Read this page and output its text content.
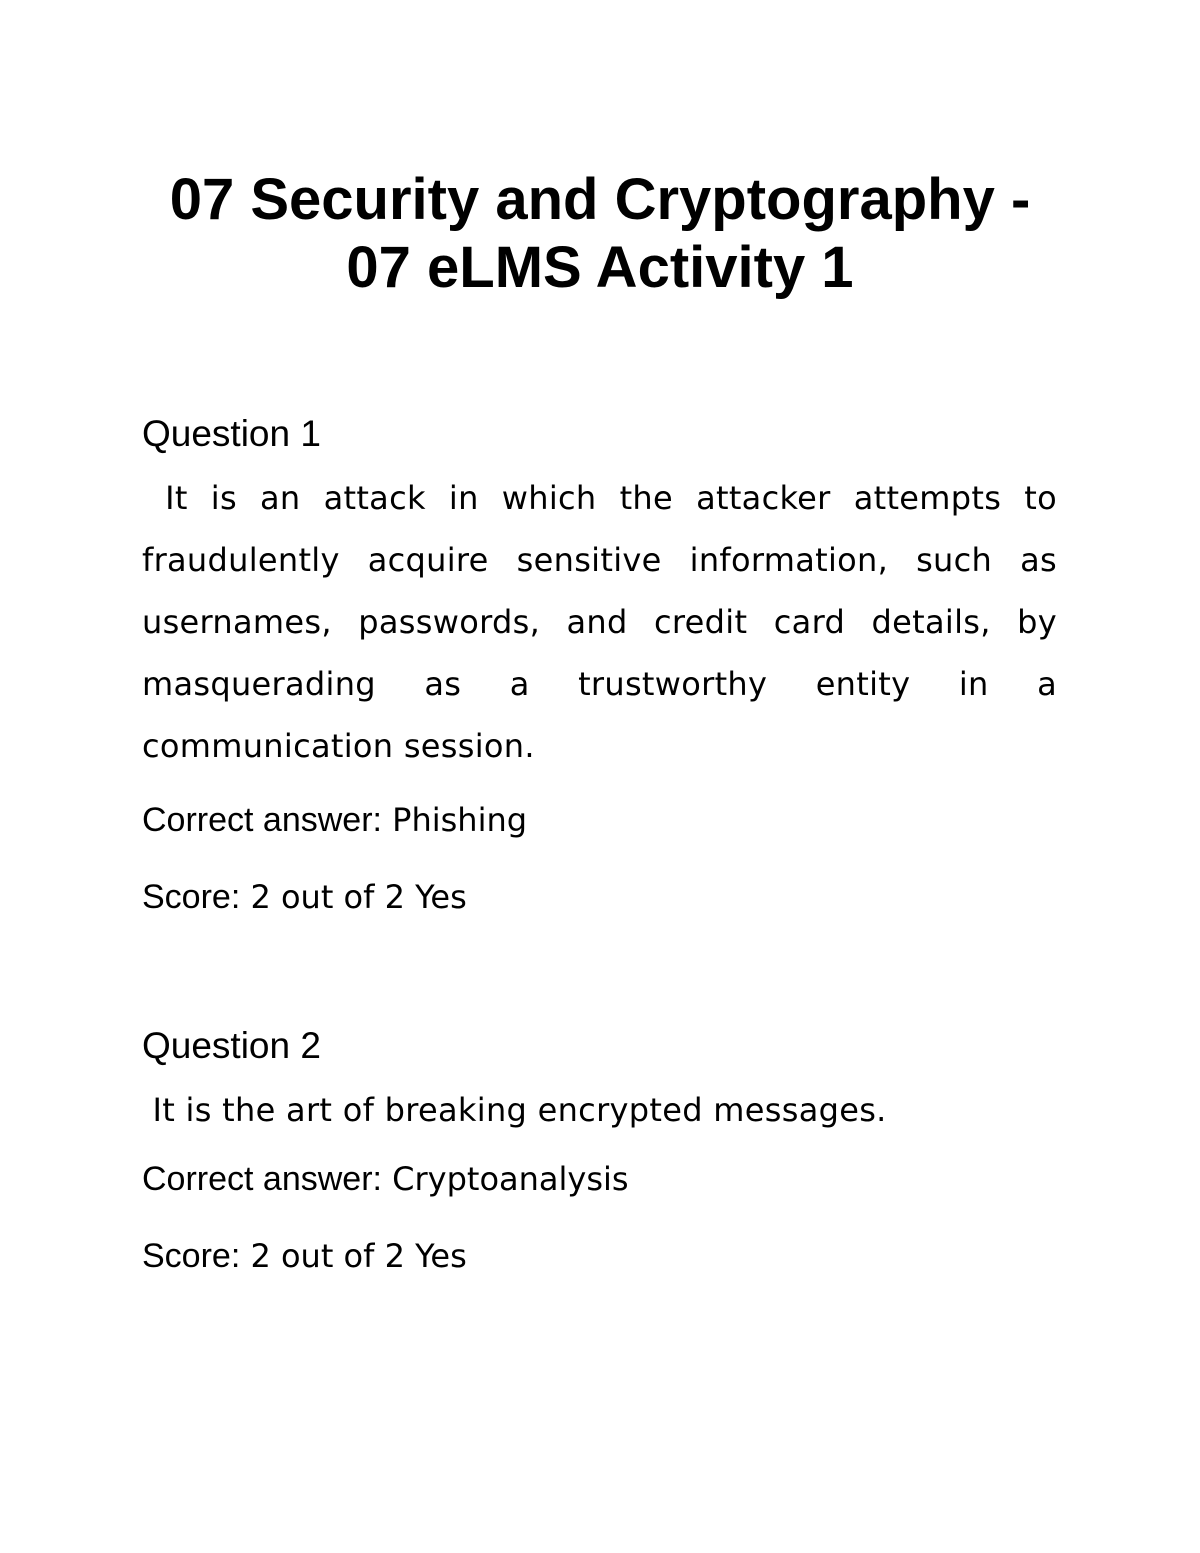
07 Security and Cryptography -
07 eLMS Activity 1
Question 1

It is an attack in which the attacker attempts to fraudulently acquire sensitive information, such as usernames, passwords, and credit card details, by masquerading as a trustworthy entity in a communication session.

Correct answer: Phishing

Score: 2 out of 2 Yes

Question 2

It is the art of breaking encrypted messages.

Correct answer: Cryptoanalysis

Score: 2 out of 2 Yes
